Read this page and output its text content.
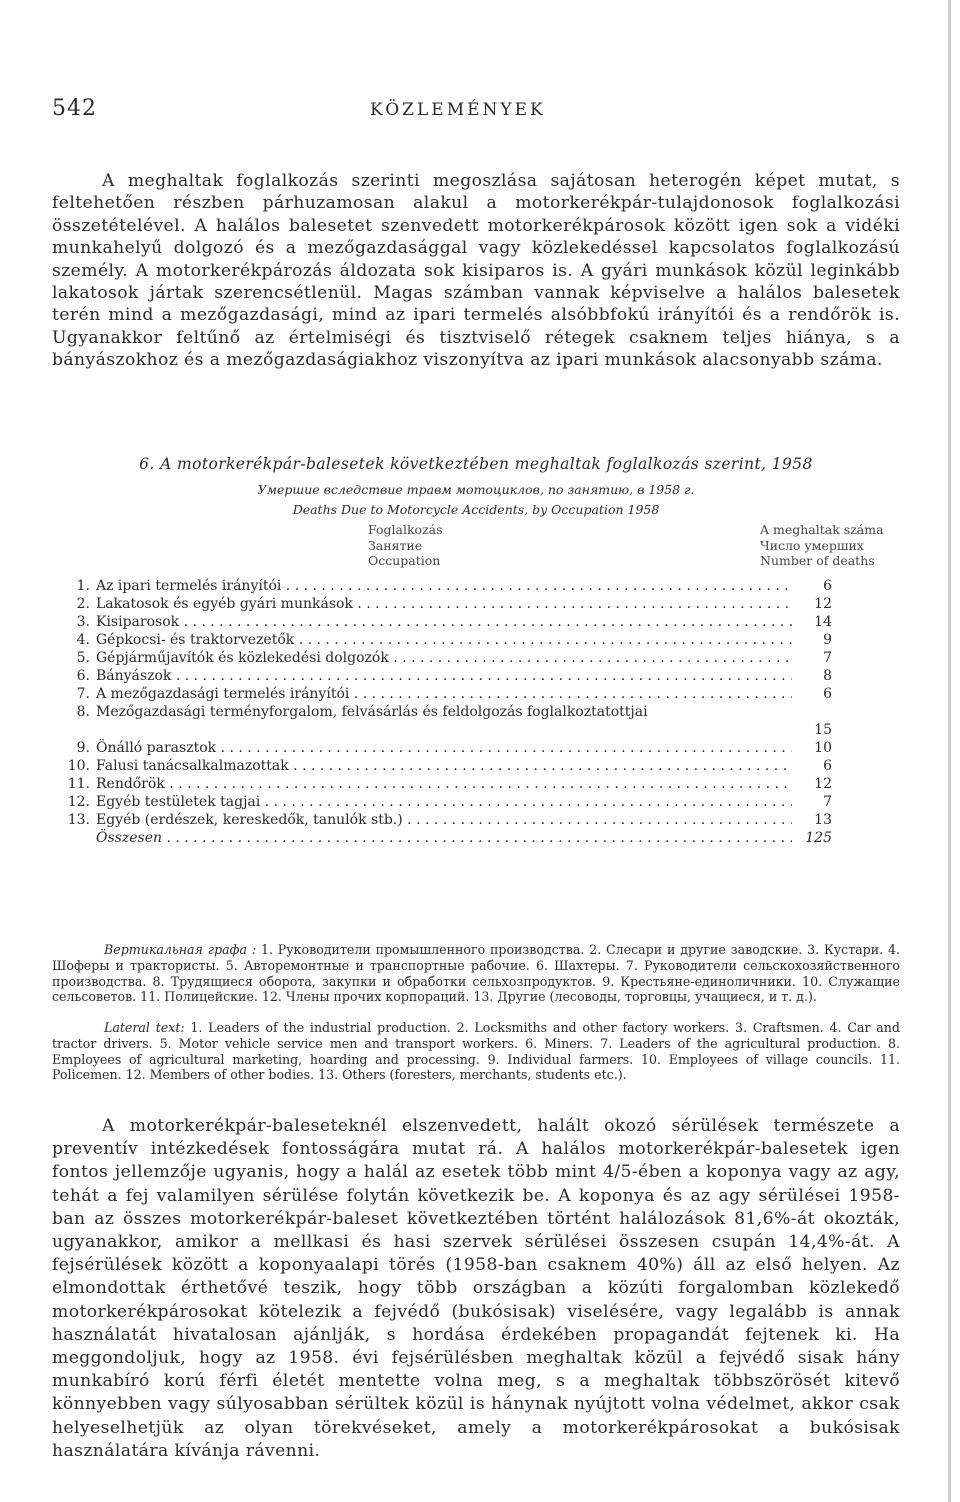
542	KÖZLEMÉNYEK

A meghaltak foglalkozás szerinti megoszlása sajátosan heterogén képet mutat, s feltehetően részben párhuzamosan alakul a motorkerékpár-tulajdonosok foglalkozási összetételével. A halálos balesetet szenvedett motorkerékpárosok között igen sok a vidéki munkahelyű dolgozó és a mezőgazdasággal vagy közlekedéssel kapcsolatos foglalkozású személy. A motorkerékpározás áldozata sok kisiparos is. A gyári munkások közül leginkább lakatosok jártak szerencsétlenül. Magas számban vannak képviselve a halálos balesetek terén mind a mezőgazdasági, mind az ipari termelés alsóbbfokú irányítói és a rendőrök is. Ugyanakkor feltűnő az értelmiségi és tisztviselő rétegek csaknem teljes hiánya, s a bányászokhoz és a mezőgazdaságiakhoz viszonyítva az ipari munkások alacsonyabb száma.

6. A motorkerékpár-balesetek következtében meghaltak foglalkozás szerint, 1958

Умершие вследствие травм мотоциклов, по занятию, в 1958 г.

Deaths Due to Motorcycle Accidents, by Occupation 1958

Foglalkozás
Занятие
Occupation
A meghaltak száma
Число умерших
Number of deaths
1. Az ipari termelés irányítói . . .	6
2. Lakatosok és egyéb gyári munkások . . .	12
3. Kisiparosok . . .	14
4. Gépkocsi- és traktorvezetők . . .	9
5. Gépjárműjavítók és közlekedési dolgozók . . .	7
6. Bányászok . . .	8
7. A mezőgazdasági termelés irányítói . . .	6
8. Mezőgazdasági terményforgalom, felvásárlás és feldolgozás foglalkoztatottjai
15
9. Önálló parasztok . . .	10
10. Falusi tanácsalkalmazottak . . .	6
11. Rendőrök . . .	12
12. Egyéb testületek tagjai . . .	7
13. Egyéb (erdészek, kereskedők, tanulók stb.) . . .	13
Összesen . . .	125

Вертикальная графа : 1. Руководители промышленного производства. 2. Слесари и другие заводские. 3. Кустари. 4. Шоферы и трактористы. 5. Авторемонтные и транспортные рабочие. 6. Шахтеры. 7. Руководители сельскохозяйственного производства. 8. Трудящиеся оборота, закупки и обработки сельхозпродуктов. 9. Крестьяне-единоличники. 10. Служащие сельсоветов. 11. Полицейские. 12. Члены прочих корпораций. 13. Другие (лесоводы, торговцы, учащиеся, и т. д.).

Lateral text: 1. Leaders of the industrial production. 2. Locksmiths and other factory workers. 3. Craftsmen. 4. Car and tractor drivers. 5. Motor vehicle service men and transport workers. 6. Miners. 7. Leaders of the agricultural production. 8. Employees of agricultural marketing, hoarding and processing. 9. Individual farmers. 10. Employees of village councils. 11. Policemen. 12. Members of other bodies. 13. Others (foresters, merchants, students etc.).

A motorkerékpár-baleseteknél elszenvedett, halált okozó sérülések természete a preventív intézkedések fontosságára mutat rá. A halálos motorkerékpár-balesetek igen fontos jellemzője ugyanis, hogy a halál az esetek több mint 4/5-ében a koponya vagy az agy, tehát a fej valamilyen sérülése folytán következik be. A koponya és az agy sérülései 1958-ban az összes motorkerékpár-baleset következtében történt halálozások 81,6%-át okozták, ugyanakkor, amikor a mellkasi és hasi szervek sérülései összesen csupán 14,4%-át. A fejsérülések között a koponyaalapi törés (1958-ban csaknem 40%) áll az első helyen. Az elmondottak érthetővé teszik, hogy több országban a közúti forgalomban közlekedő motorkerékpárosokat kötelezik a fejvédő (bukósisak) viselésére, vagy legalább is annak használatát hivatalosan ajánlják, s hordása érdekében propagandát fejtenek ki. Ha meggondoljuk, hogy az 1958. évi fejsérülésben meghaltak közül a fejvédő sisak hány munkabíró korú férfi életét mentette volna meg, s a meghaltak többszörösét kitevő könnyebben vagy súlyosabban sérültek közül is hánynak nyújtott volna védelmet, akkor csak helyeselhetjük az olyan törekvéseket, amely a motorkerékpárosokat a bukósisak használatára kívánja rávenni.
